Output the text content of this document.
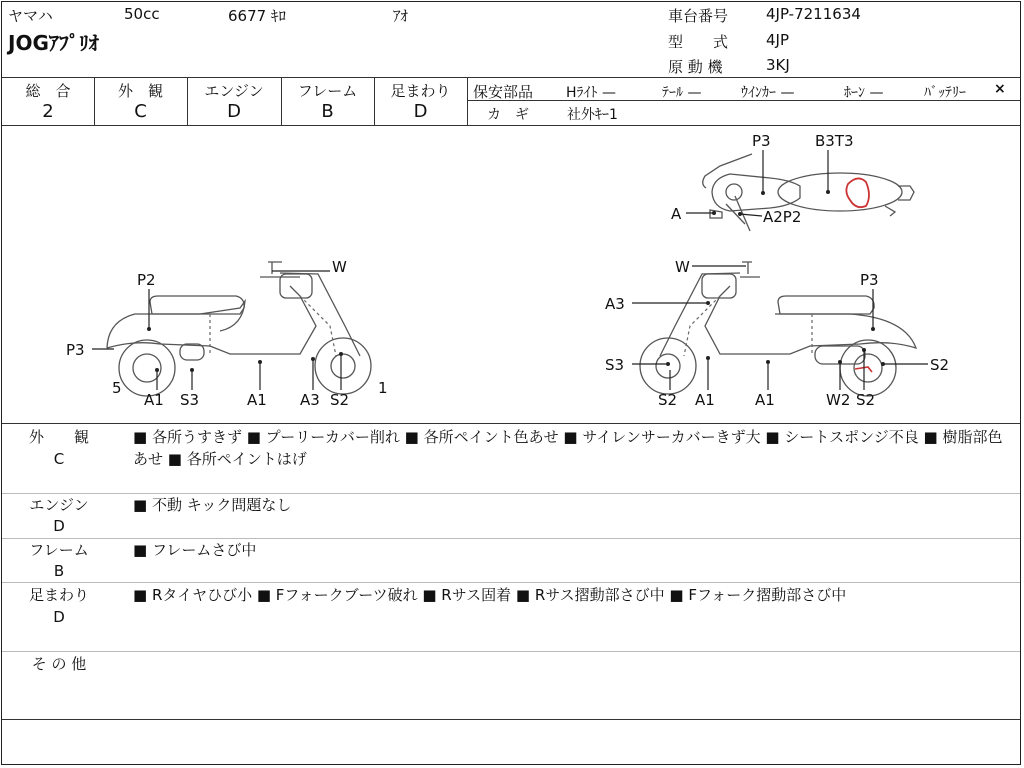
ヤマハ	50cc	6677 ｷﾛ	ｱｵ
JOGｱﾌﾟﾘｵ
車台番号	4JP-7211634
型　　式	4JP
原 動 機	3KJ
総　合
2
外　観
C
エンジン
D
フレーム
B
足まわり
D
保安部品 Hﾗｲﾄ —	ﾃｰﾙ —	ｳｲﾝｶｰ —	ﾎｰﾝ —	ﾊﾞｯﾃﾘｰ ×
カ　ギ	社外ｷｰ1
W
P2
P3
5
A1 S3	A1 A3 S2
1
W
A3
P3
S3
S2 A1	A1	W2 S2
S2
P3	B3T3
A	A2P2
外　　観
C
■ 各所うすきず ■ プーリーカバー削れ ■ 各所ペイント色あせ ■ サイレンサーカバーきず大 ■ シートスポンジ不良 ■ 樹脂部色あせ ■ 各所ペイントはげ
エンジン
D
■ 不動 キック問題なし
フレーム
B
■ フレームさび中
足まわり
D
■ Rタイヤひび小 ■ Fフォークブーツ破れ ■ Rサス固着 ■ Rサス摺動部さび中 ■ Fフォーク摺動部さび中
そ の 他
